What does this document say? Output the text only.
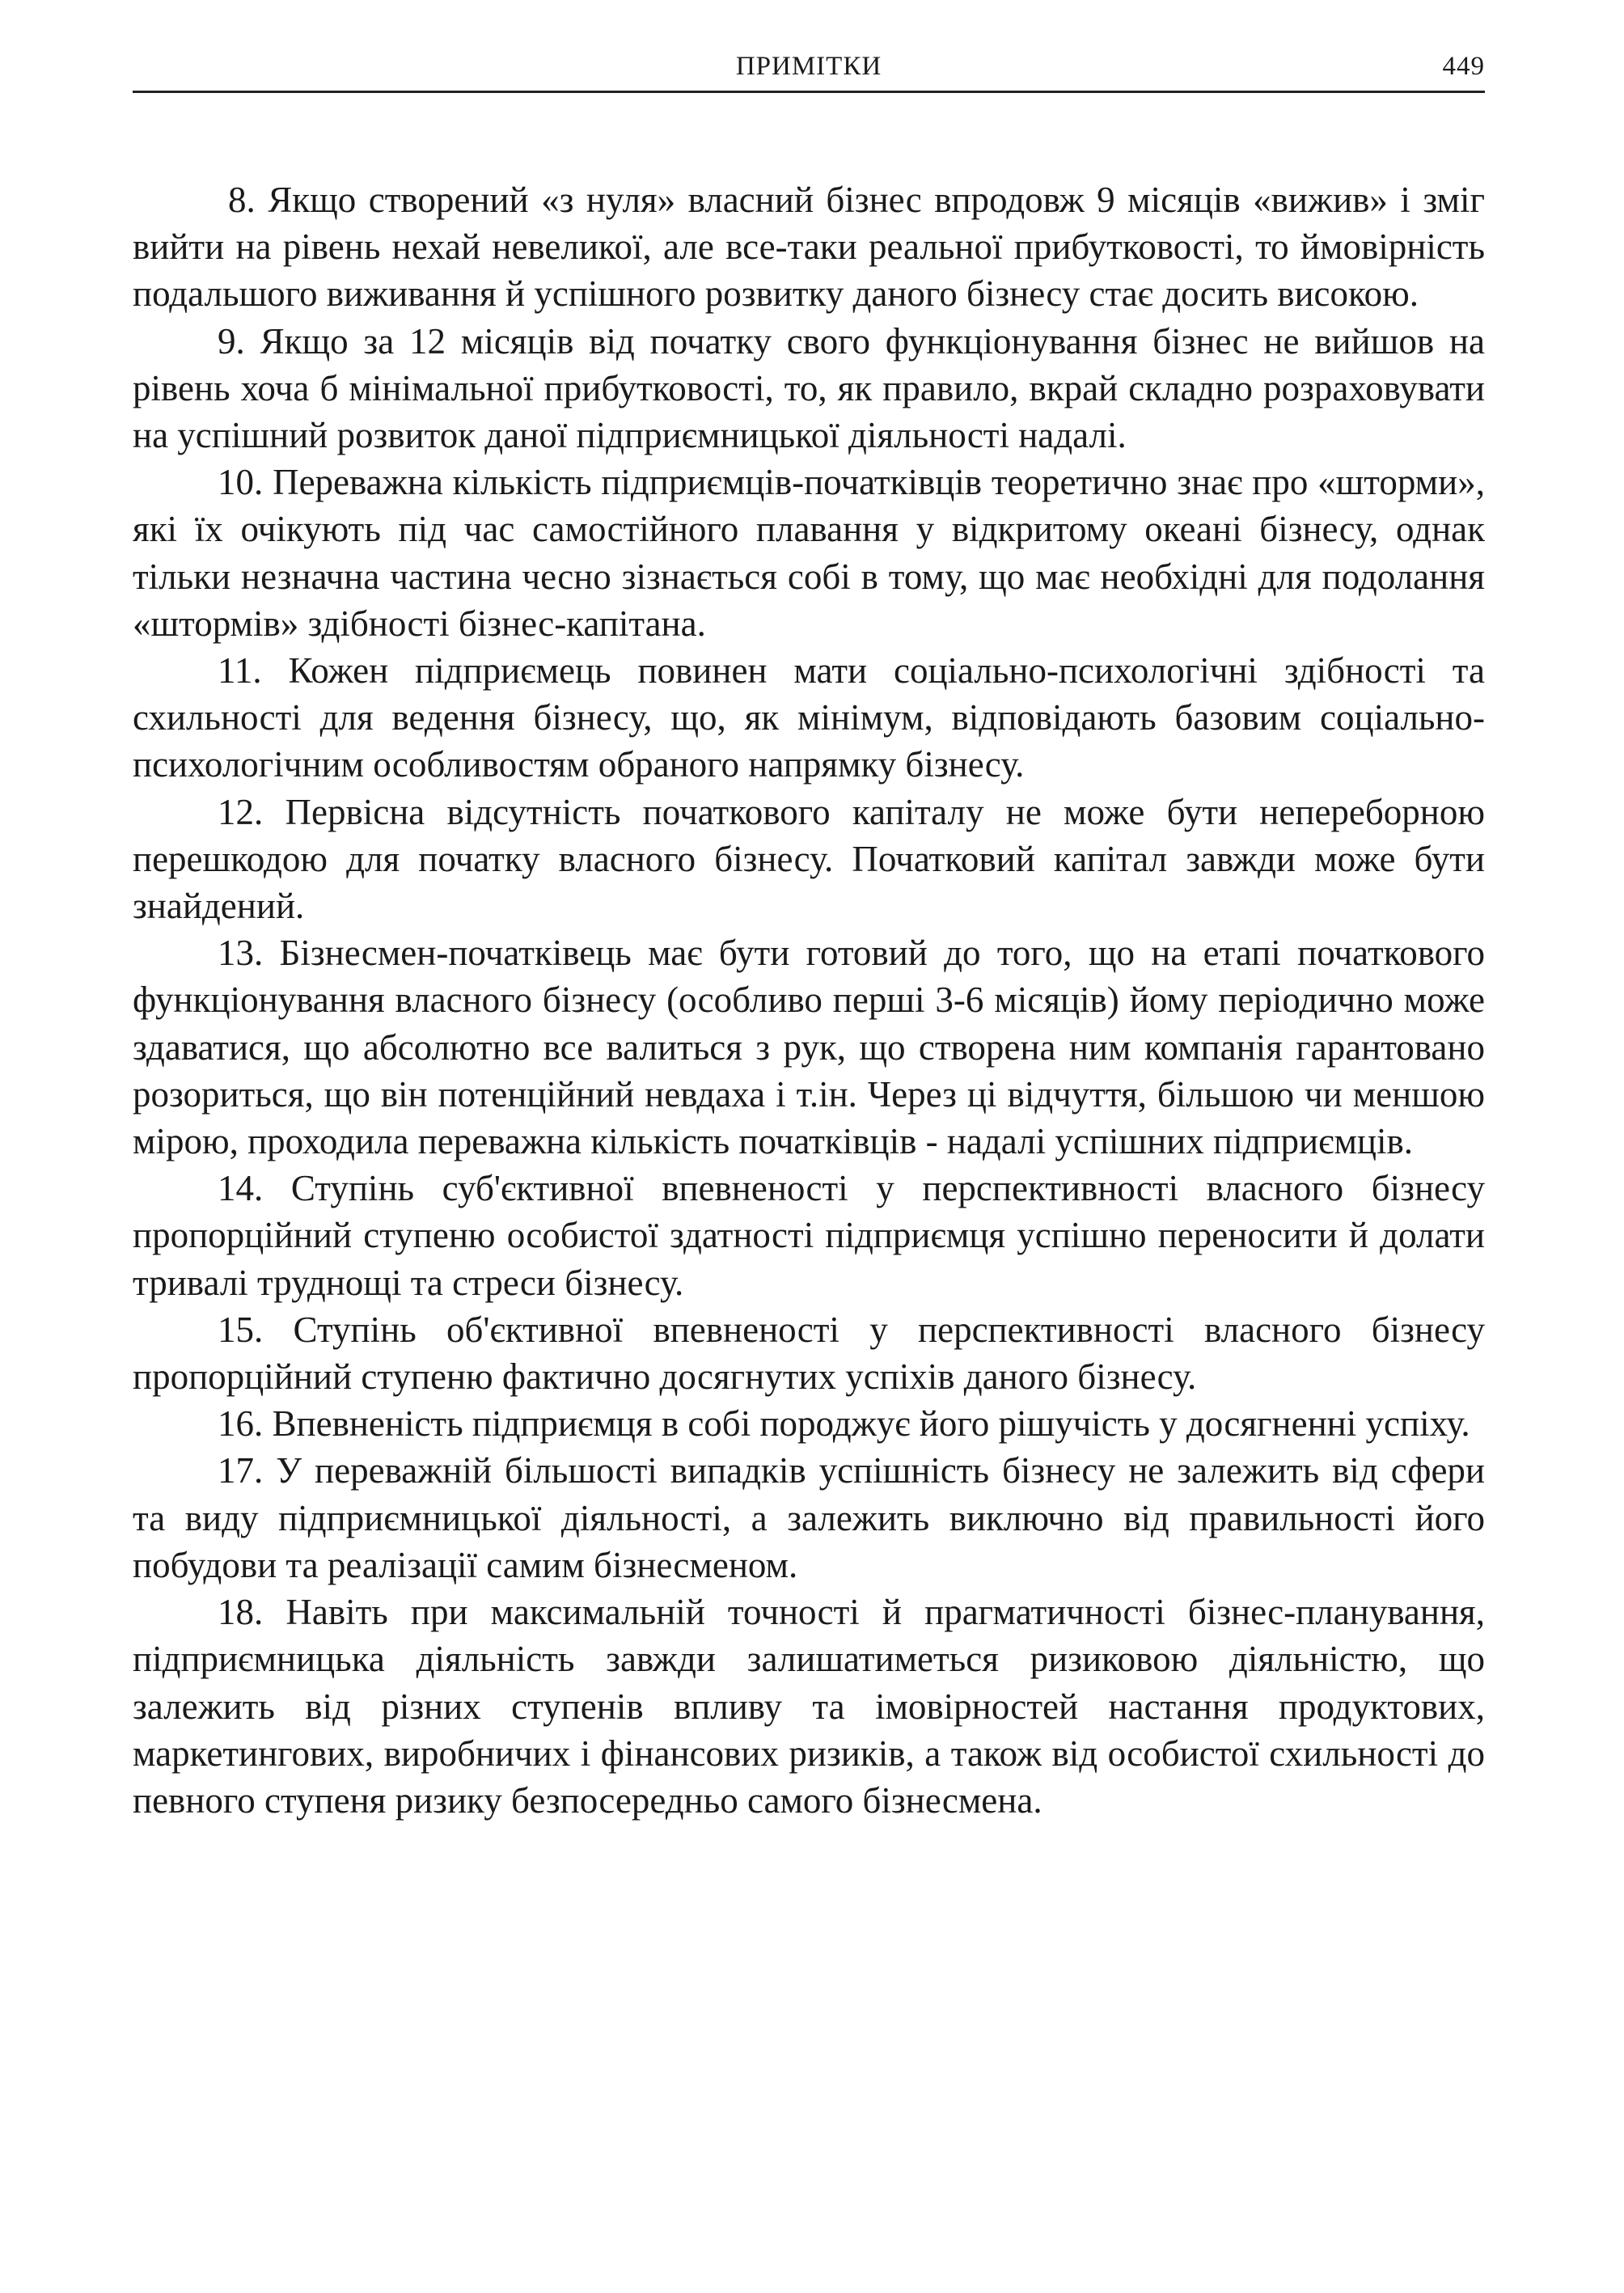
ПРИМІТКИ	449

8. Якщо створений «з нуля» власний бізнес впродовж 9 місяців «вижив» і зміг вийти на рівень нехай невеликої, але все-таки реальної прибутковості, то ймовірність подальшого виживання й успішного розвитку даного бізнесу стає досить високою.

9. Якщо за 12 місяців від початку свого функціонування бізнес не вийшов на рівень хоча б мінімальної прибутковості, то, як правило, вкрай складно розраховувати на успішний розвиток даної підприємницької діяльності надалі.

10. Переважна кількість підприємців-початківців теоретично знає про «шторми», які їх очікують під час самостійного плавання у відкритому океані бізнесу, однак тільки незначна частина чесно зізнається собі в тому, що має необхідні для подолання «штормів» здібності бізнес-капітана.

11. Кожен підприємець повинен мати соціально-психологічні здібності та схильності для ведення бізнесу, що, як мінімум, відповідають базовим соціально-психологічним особливостям обраного напрямку бізнесу.

12. Первісна відсутність початкового капіталу не може бути непереборною перешкодою для початку власного бізнесу. Початковий капітал завжди може бути знайдений.

13. Бізнесмен-початківець має бути готовий до того, що на етапі початкового функціонування власного бізнесу (особливо перші 3-6 місяців) йому періодично може здаватися, що абсолютно все валиться з рук, що створена ним компанія гарантовано розориться, що він потенційний невдаха і т.ін. Через ці відчуття, більшою чи меншою мірою, проходила переважна кількість початківців - надалі успішних підприємців.

14. Ступінь суб'єктивної впевненості у перспективності власного бізнесу пропорційний ступеню особистої здатності підприємця успішно переносити й долати тривалі труднощі та стреси бізнесу.

15. Ступінь об'єктивної впевненості у перспективності власного бізнесу пропорційний ступеню фактично досягнутих успіхів даного бізнесу.

16. Впевненість підприємця в собі породжує його рішучість у досягненні успіху.

17. У переважній більшості випадків успішність бізнесу не залежить від сфери та виду підприємницької діяльності, а залежить виключно від правильності його побудови та реалізації самим бізнесменом.

18. Навіть при максимальній точності й прагматичності бізнес-планування, підприємницька діяльність завжди залишатиметься ризиковою діяльністю, що залежить від різних ступенів впливу та імовірностей настання продуктових, маркетингових, виробничих і фінансових ризиків, а також від особистої схильності до певного ступеня ризику безпосередньо самого бізнесмена.
